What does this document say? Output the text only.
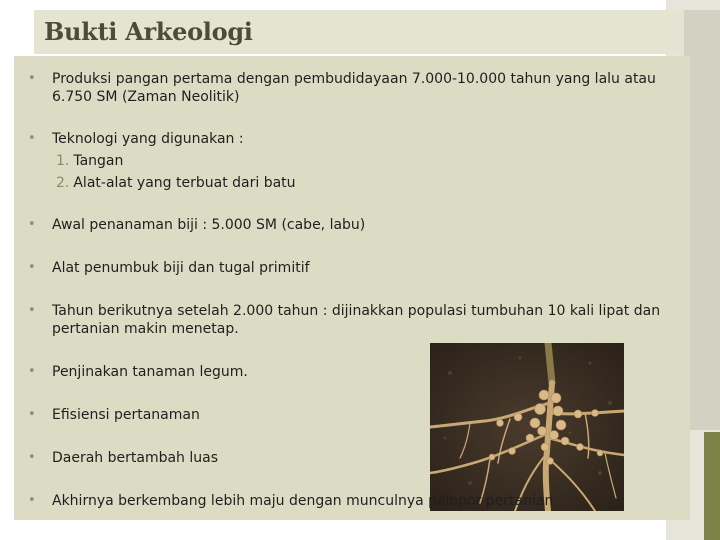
Bukti Arkeologi
• Produksi pangan pertama dengan pembudidayaan 7.000-10.000 tahun yang lalu atau 6.750 SM (Zaman Neolitik)
• Teknologi yang digunakan :
1. Tangan
2. Alat-alat yang terbuat dari batu
• Awal penanaman biji : 5.000 SM (cabe, labu)
• Alat penumbuk biji dan tugal primitif
• Tahun berikutnya setelah 2.000 tahun : dijinakkan populasi tumbuhan 10 kali lipat dan pertanian makin menetap.
• Penjinakan tanaman legum.
• Efisiensi pertanaman
• Daerah bertambah luas
• Akhirnya berkembang lebih maju dengan munculnya pelopor pertanian
